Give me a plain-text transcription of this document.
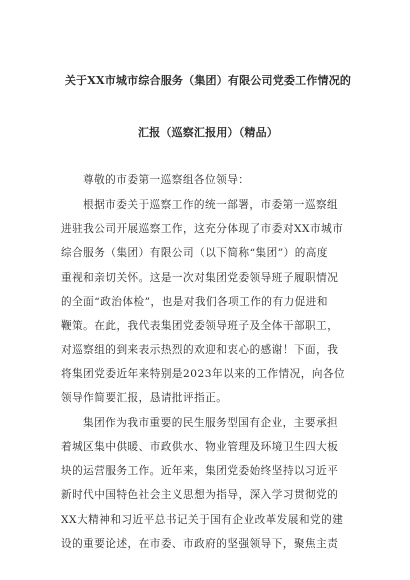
关于XX市城市综合服务（集团）有限公司党委工作情况的
汇报（巡察汇报用）（精品）
尊敬的市委第一巡察组各位领导：
根据市委关于巡察工作的统一部署，市委第一巡察组
进驻我公司开展巡察工作，这充分体现了市委对XX市城市
综合服务（集团）有限公司（以下简称“集团”）的高度
重视和亲切关怀。这是一次对集团党委领导班子履职情况
的全面“政治体检”，也是对我们各项工作的有力促进和
鞭策。在此，我代表集团党委领导班子及全体干部职工，
对巡察组的到来表示热烈的欢迎和衷心的感谢！下面，我
将集团党委近年来特别是2023年以来的工作情况，向各位
领导作简要汇报，恳请批评指正。
集团作为我市重要的民生服务型国有企业，主要承担
着城区集中供暖、市政供水、物业管理及环境卫生四大板
块的运营服务工作。近年来，集团党委始终坚持以习近平
新时代中国特色社会主义思想为指导，深入学习贯彻党的
XX大精神和习近平总书记关于国有企业改革发展和党的建
设的重要论述，在市委、市政府的坚强领导下，聚焦主责
